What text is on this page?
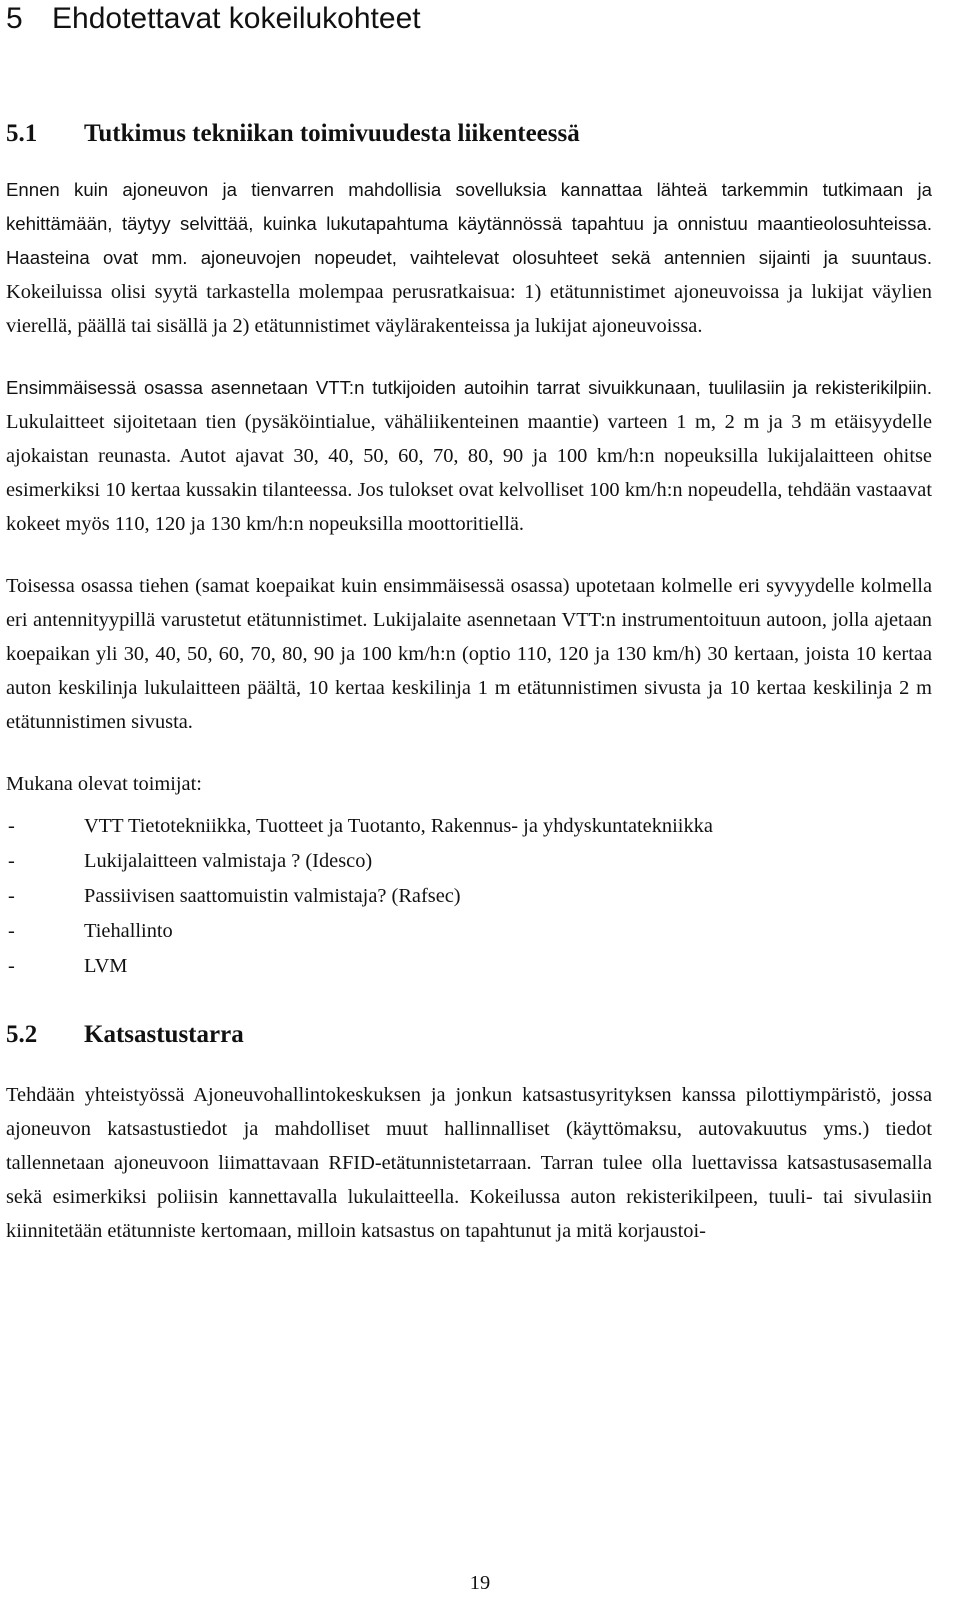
5 Ehdotettavat kokeilukohteet
5.1 Tutkimus tekniikan toimivuudesta liikenteessä

Ennen kuin ajoneuvon ja tienvarren mahdollisia sovelluksia kannattaa lähteä tarkemmin tutkimaan ja kehittämään, täytyy selvittää, kuinka lukutapahtuma käytännössä tapahtuu ja onnistuu maantieolosuhteissa. Haasteina ovat mm. ajoneuvojen nopeudet, vaihtelevat olosuhteet sekä antennien sijainti ja suuntaus. Kokeiluissa olisi syytä tarkastella molempaa perusratkaisua: 1) etätunnistimet ajoneuvoissa ja lukijat väylien vierellä, päällä tai sisällä ja 2) etätunnistimet väylärakenteissa ja lukijat ajoneuvoissa.

Ensimmäisessä osassa asennetaan VTT:n tutkijoiden autoihin tarrat sivuikkunaan, tuulilasiin ja rekisterikilpiin. Lukulaitteet sijoitetaan tien (pysäköintialue, vähäliikenteinen maantie) varteen 1 m, 2 m ja 3 m etäisyydelle ajokaistan reunasta. Autot ajavat 30, 40, 50, 60, 70, 80, 90 ja 100 km/h:n nopeuksilla lukijalaitteen ohitse esimerkiksi 10 kertaa kussakin tilanteessa. Jos tulokset ovat kelvolliset 100 km/h:n nopeudella, tehdään vastaavat kokeet myös 110, 120 ja 130 km/h:n nopeuksilla moottoritiellä.

Toisessa osassa tiehen (samat koepaikat kuin ensimmäisessä osassa) upotetaan kolmelle eri syvyydelle kolmella eri antennityypillä varustetut etätunnistimet. Lukijalaite asennetaan VTT:n instrumentoituun autoon, jolla ajetaan koepaikan yli 30, 40, 50, 60, 70, 80, 90 ja 100 km/h:n (optio 110, 120 ja 130 km/h) 30 kertaan, joista 10 kertaa auton keskilinja lukulaitteen päältä, 10 kertaa keskilinja 1 m etätunnistimen sivusta ja 10 kertaa keskilinja 2 m etätunnistimen sivusta.

Mukana olevat toimijat:

-	VTT Tietotekniikka, Tuotteet ja Tuotanto, Rakennus- ja yhdyskuntatekniikka
-	Lukijalaitteen valmistaja ? (Idesco)
-	Passiivisen saattomuistin valmistaja? (Rafsec)
-	Tiehallinto
-	LVM
5.2 Katsastustarra

Tehdään yhteistyössä Ajoneuvohallintokeskuksen ja jonkun katsastusyrityksen kanssa pilottiympäristö, jossa ajoneuvon katsastustiedot ja mahdolliset muut hallinnalliset (käyttömaksu, autovakuutus yms.) tiedot tallennetaan ajoneuvoon liimattavaan RFID-etätunnistetarraan. Tarran tulee olla luettavissa katsastusasemalla sekä esimerkiksi poliisin kannettavalla lukulaitteella. Kokeilussa auton rekisterikilpeen, tuuli- tai sivulasiin kiinnitetään etätunniste kertomaan, milloin katsastus on tapahtunut ja mitä korjaustoi-

19
